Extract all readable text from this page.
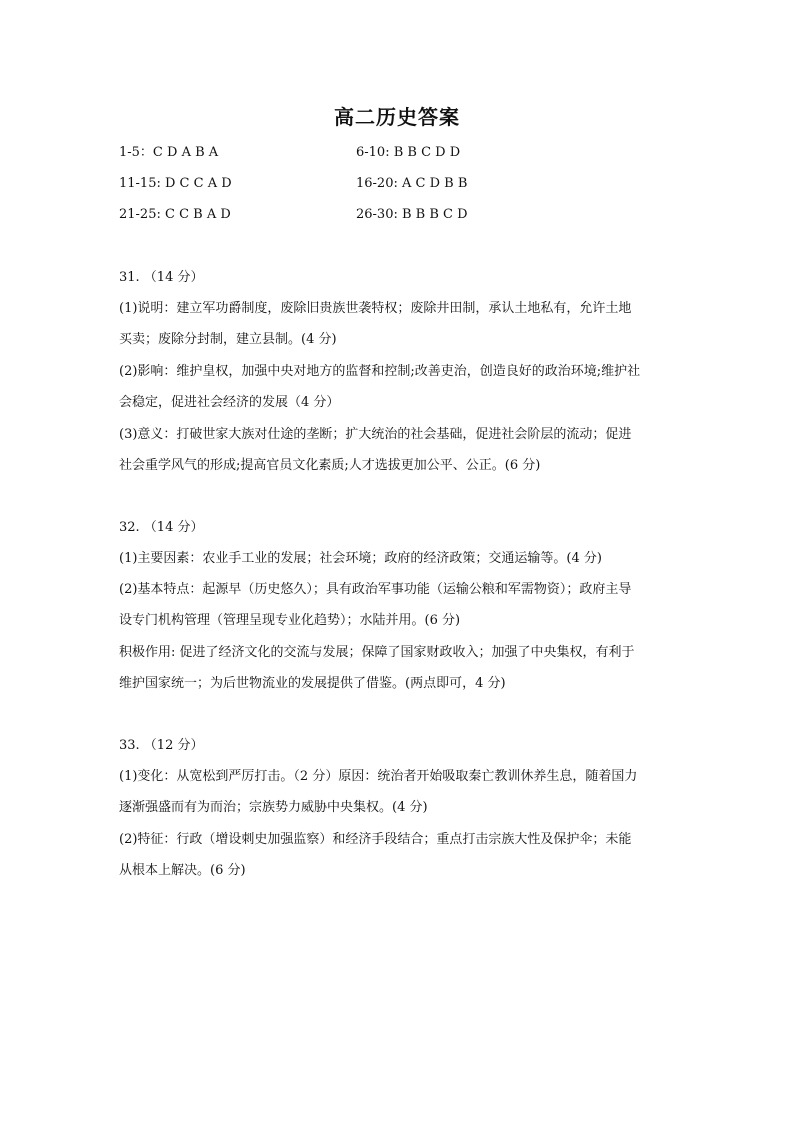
高二历史答案
1-5：C D A B A	6-10: B B C D D
11-15: D C C A D	16-20: A C D B B
21-25: C C B A D	26-30: B B B C D
31. （14 分）
(1)说明：建立军功爵制度，废除旧贵族世袭特权；废除井田制，承认土地私有，允许土地
买卖；废除分封制，建立县制。(4 分)
(2)影响：维护皇权，加强中央对地方的监督和控制;改善吏治，创造良好的政治环境;维护社
会稳定，促进社会经济的发展（4 分）
(3)意义：打破世家大族对仕途的垄断；扩大统治的社会基础，促进社会阶层的流动；促进
社会重学风气的形成;提高官员文化素质;人才选拔更加公平、公正。(6 分)
32. （14 分）
(1)主要因素：农业手工业的发展；社会环境；政府的经济政策；交通运输等。(4 分)
(2)基本特点：起源早（历史悠久）；具有政治军事功能（运输公粮和军需物资）；政府主导
设专门机构管理（管理呈现专业化趋势）；水陆并用。(6 分)
积极作用: 促进了经济文化的交流与发展；保障了国家财政收入；加强了中央集权，有利于
维护国家统一；为后世物流业的发展提供了借鉴。(两点即可，4 分)
33. （12 分）
(1)变化：从宽松到严厉打击。（2 分）原因：统治者开始吸取秦亡教训休养生息，随着国力
逐渐强盛而有为而治；宗族势力威胁中央集权。(4 分)
(2)特征：行政（增设刺史加强监察）和经济手段结合；重点打击宗族大性及保护伞；未能
从根本上解决。(6 分)
